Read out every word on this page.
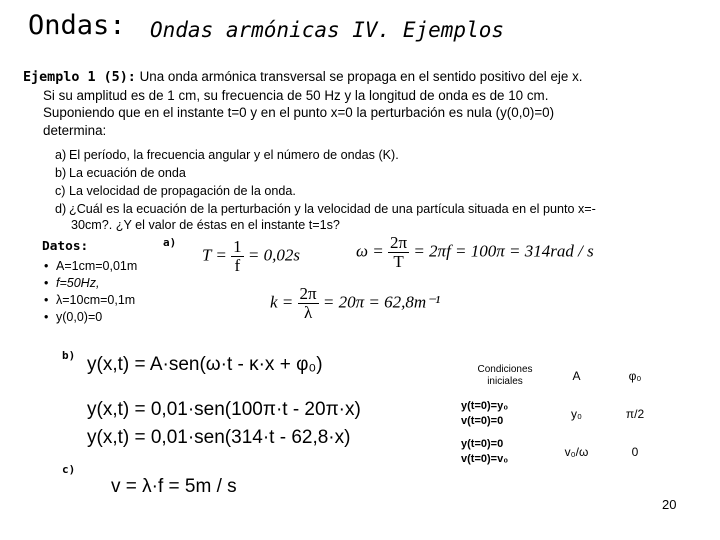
Ondas: Ondas armónicas IV. Ejemplos
Ejemplo 1 (5): Una onda armónica transversal se propaga en el sentido positivo del eje x.
Si su amplitud es de 1 cm, su frecuencia de 50 Hz y la longitud de onda es de 10 cm.
Suponiendo que en el instante t=0 y en el punto x=0 la perturbación es nula (y(0,0)=0)
determina:
a) El período, la frecuencia angular y el número de ondas (K).
b) La ecuación de onda
c) La velocidad de propagación de la onda.
d) ¿Cuál es la ecuación de la perturbación y la velocidad de una partícula situada en el punto x=-
30cm?. ¿Y el valor de éstas en el instante t=1s?
Datos:
• A=1cm=0,01m
• f=50Hz,
• λ=10cm=0,1m
• y(0,0)=0
a)
b)
c)
$T = \frac{1}{f} = 0,02s$	$\omega = \frac{2\pi}{T} = 2\pi f = 100\pi = 314rad / s$
$k = \frac{2\pi}{\lambda} = 20\pi = 62,8m^{-1}$
y(x,t) = A·sen(ω·t - κ·x + φ₀)
y(x,t) = 0,01·sen(100π·t - 20π·x)
y(x,t) = 0,01·sen(314·t - 62,8·x)
v = λ·f = 5m / s
Condiciones iniciales	A	φ₀

y(t=0)=y₀
v(t=0)=0	y₀	π/2

y(t=0)=0
v(t=0)=v₀	v₀/ω	0
20
